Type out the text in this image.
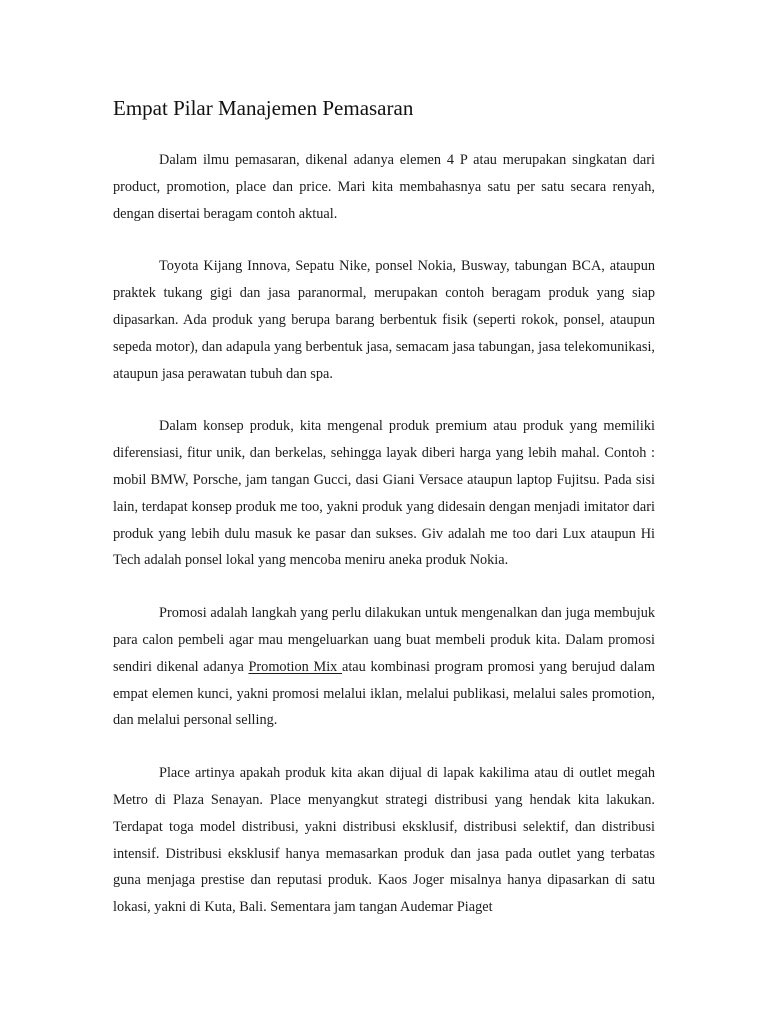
Empat Pilar Manajemen Pemasaran

Dalam ilmu pemasaran, dikenal adanya elemen 4 P atau merupakan singkatan dari product, promotion, place dan price. Mari kita membahasnya satu per satu secara renyah, dengan disertai beragam contoh aktual.

Toyota Kijang Innova, Sepatu Nike, ponsel Nokia, Busway, tabungan BCA, ataupun praktek tukang gigi dan jasa paranormal, merupakan contoh beragam produk yang siap dipasarkan. Ada produk yang berupa barang berbentuk fisik (seperti rokok, ponsel, ataupun sepeda motor), dan adapula yang berbentuk jasa, semacam jasa tabungan, jasa telekomunikasi, ataupun jasa perawatan tubuh dan spa.

Dalam konsep produk, kita mengenal produk premium atau produk yang memiliki diferensiasi, fitur unik, dan berkelas, sehingga layak diberi harga yang lebih mahal. Contoh : mobil BMW, Porsche, jam tangan Gucci, dasi Giani Versace ataupun laptop Fujitsu. Pada sisi lain, terdapat konsep produk me too, yakni produk yang didesain dengan menjadi imitator dari produk yang lebih dulu masuk ke pasar dan sukses. Giv adalah me too dari Lux ataupun Hi Tech adalah ponsel lokal yang mencoba meniru aneka produk Nokia.

Promosi adalah langkah yang perlu dilakukan untuk mengenalkan dan juga membujuk para calon pembeli agar mau mengeluarkan uang buat membeli produk kita. Dalam promosi sendiri dikenal adanya Promotion Mix atau kombinasi program promosi yang berujud dalam empat elemen kunci, yakni promosi melalui iklan, melalui publikasi, melalui sales promotion, dan melalui personal selling.

Place artinya apakah produk kita akan dijual di lapak kakilima atau di outlet megah Metro di Plaza Senayan. Place menyangkut strategi distribusi yang hendak kita lakukan. Terdapat toga model distribusi, yakni distribusi eksklusif, distribusi selektif, dan distribusi intensif. Distribusi eksklusif hanya memasarkan produk dan jasa pada outlet yang terbatas guna menjaga prestise dan reputasi produk. Kaos Joger misalnya hanya dipasarkan di satu lokasi, yakni di Kuta, Bali. Sementara jam tangan Audemar Piaget
